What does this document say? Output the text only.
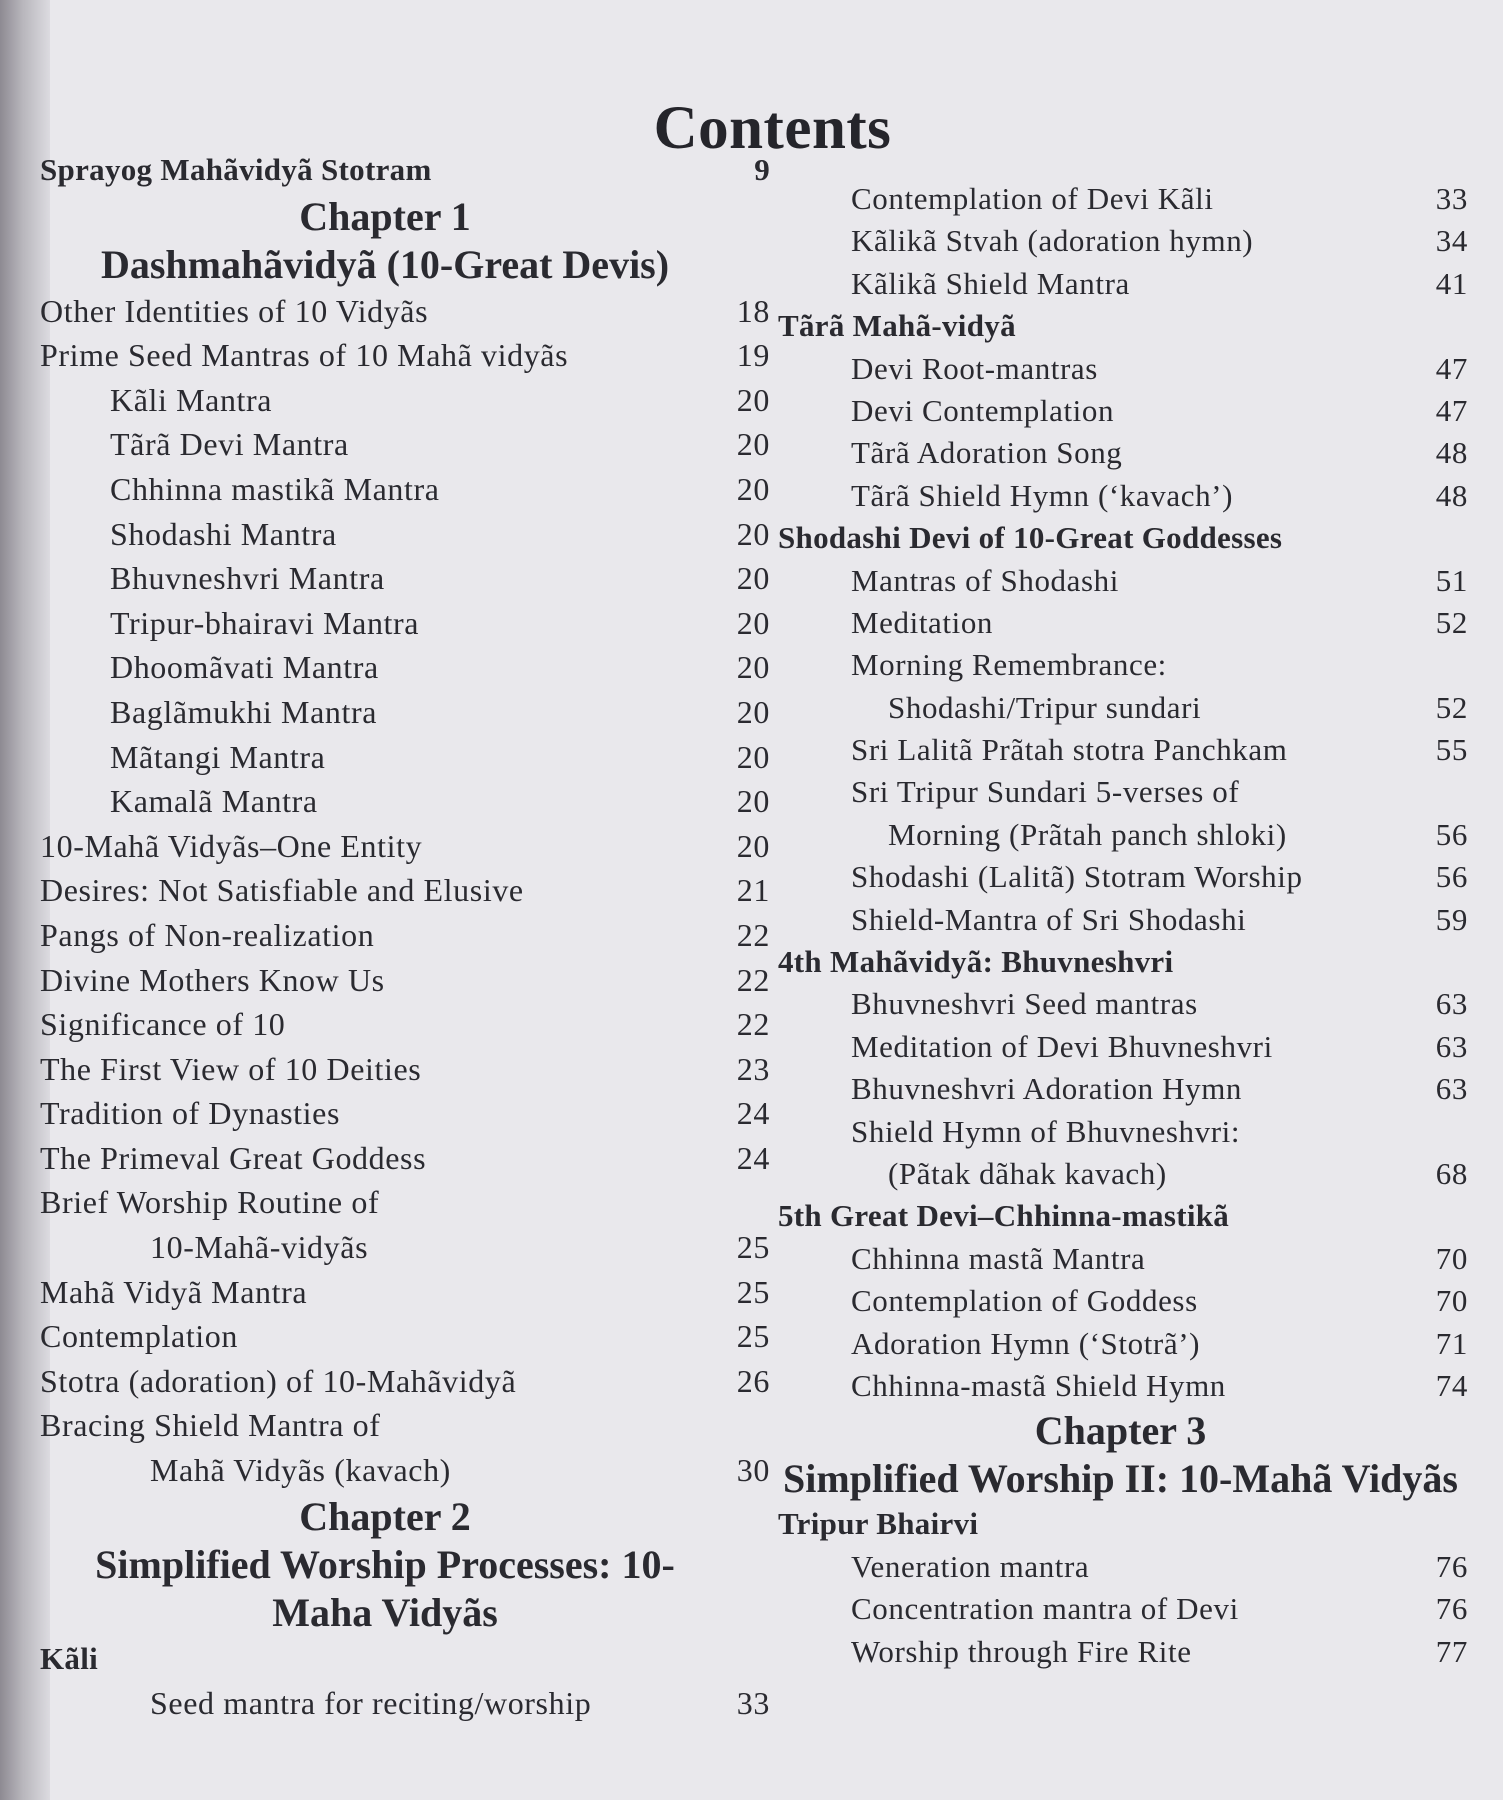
Contents
Sprayog Mahãvidyã Stotram	9
Chapter 1
Dashmahãvidyã (10-Great Devis)
Other Identities of 10 Vidyãs	18
Prime Seed Mantras of 10 Mahã vidyãs	19
Kãli Mantra	20
Tãrã Devi Mantra	20
Chhinna mastikã Mantra	20
Shodashi Mantra	20
Bhuvneshvri Mantra	20
Tripur-bhairavi Mantra	20
Dhoomãvati Mantra	20
Baglãmukhi Mantra	20
Mãtangi Mantra	20
Kamalã Mantra	20
10-Mahã Vidyãs–One Entity	20
Desires: Not Satisfiable and Elusive	21
Pangs of Non-realization	22
Divine Mothers Know Us	22
Significance of 10	22
The First View of 10 Deities	23
Tradition of Dynasties	24
The Primeval Great Goddess	24
Brief Worship Routine of
10-Mahã-vidyãs	25
Mahã Vidyã Mantra	25
Contemplation	25
Stotra (adoration) of 10-Mahãvidyã	26
Bracing Shield Mantra of
Mahã Vidyãs (kavach)	30
Chapter 2
Simplified Worship Processes: 10-
Maha Vidyãs
Kãli
Seed mantra for reciting/worship	33
Contemplation of Devi Kãli	33
Kãlikã Stvah (adoration hymn)	34
Kãlikã Shield Mantra	41
Tãrã Mahã-vidyã
Devi Root-mantras	47
Devi Contemplation	47
Tãrã Adoration Song	48
Tãrã Shield Hymn (‘kavach’)	48
Shodashi Devi of 10-Great Goddesses
Mantras of Shodashi	51
Meditation	52
Morning Remembrance:
Shodashi/Tripur sundari	52
Sri Lalitã Prãtah stotra Panchkam	55
Sri Tripur Sundari 5-verses of
Morning (Prãtah panch shloki)	56
Shodashi (Lalitã) Stotram Worship	56
Shield-Mantra of Sri Shodashi	59
4th Mahãvidyã: Bhuvneshvri
Bhuvneshvri Seed mantras	63
Meditation of Devi Bhuvneshvri	63
Bhuvneshvri Adoration Hymn	63
Shield Hymn of Bhuvneshvri:
(Pãtak dãhak kavach)	68
5th Great Devi–Chhinna-mastikã
Chhinna mastã Mantra	70
Contemplation of Goddess	70
Adoration Hymn (‘Stotrã’)	71
Chhinna-mastã Shield Hymn	74
Chapter 3
Simplified Worship II: 10-Mahã Vidyãs
Tripur Bhairvi
Veneration mantra	76
Concentration mantra of Devi	76
Worship through Fire Rite	77
